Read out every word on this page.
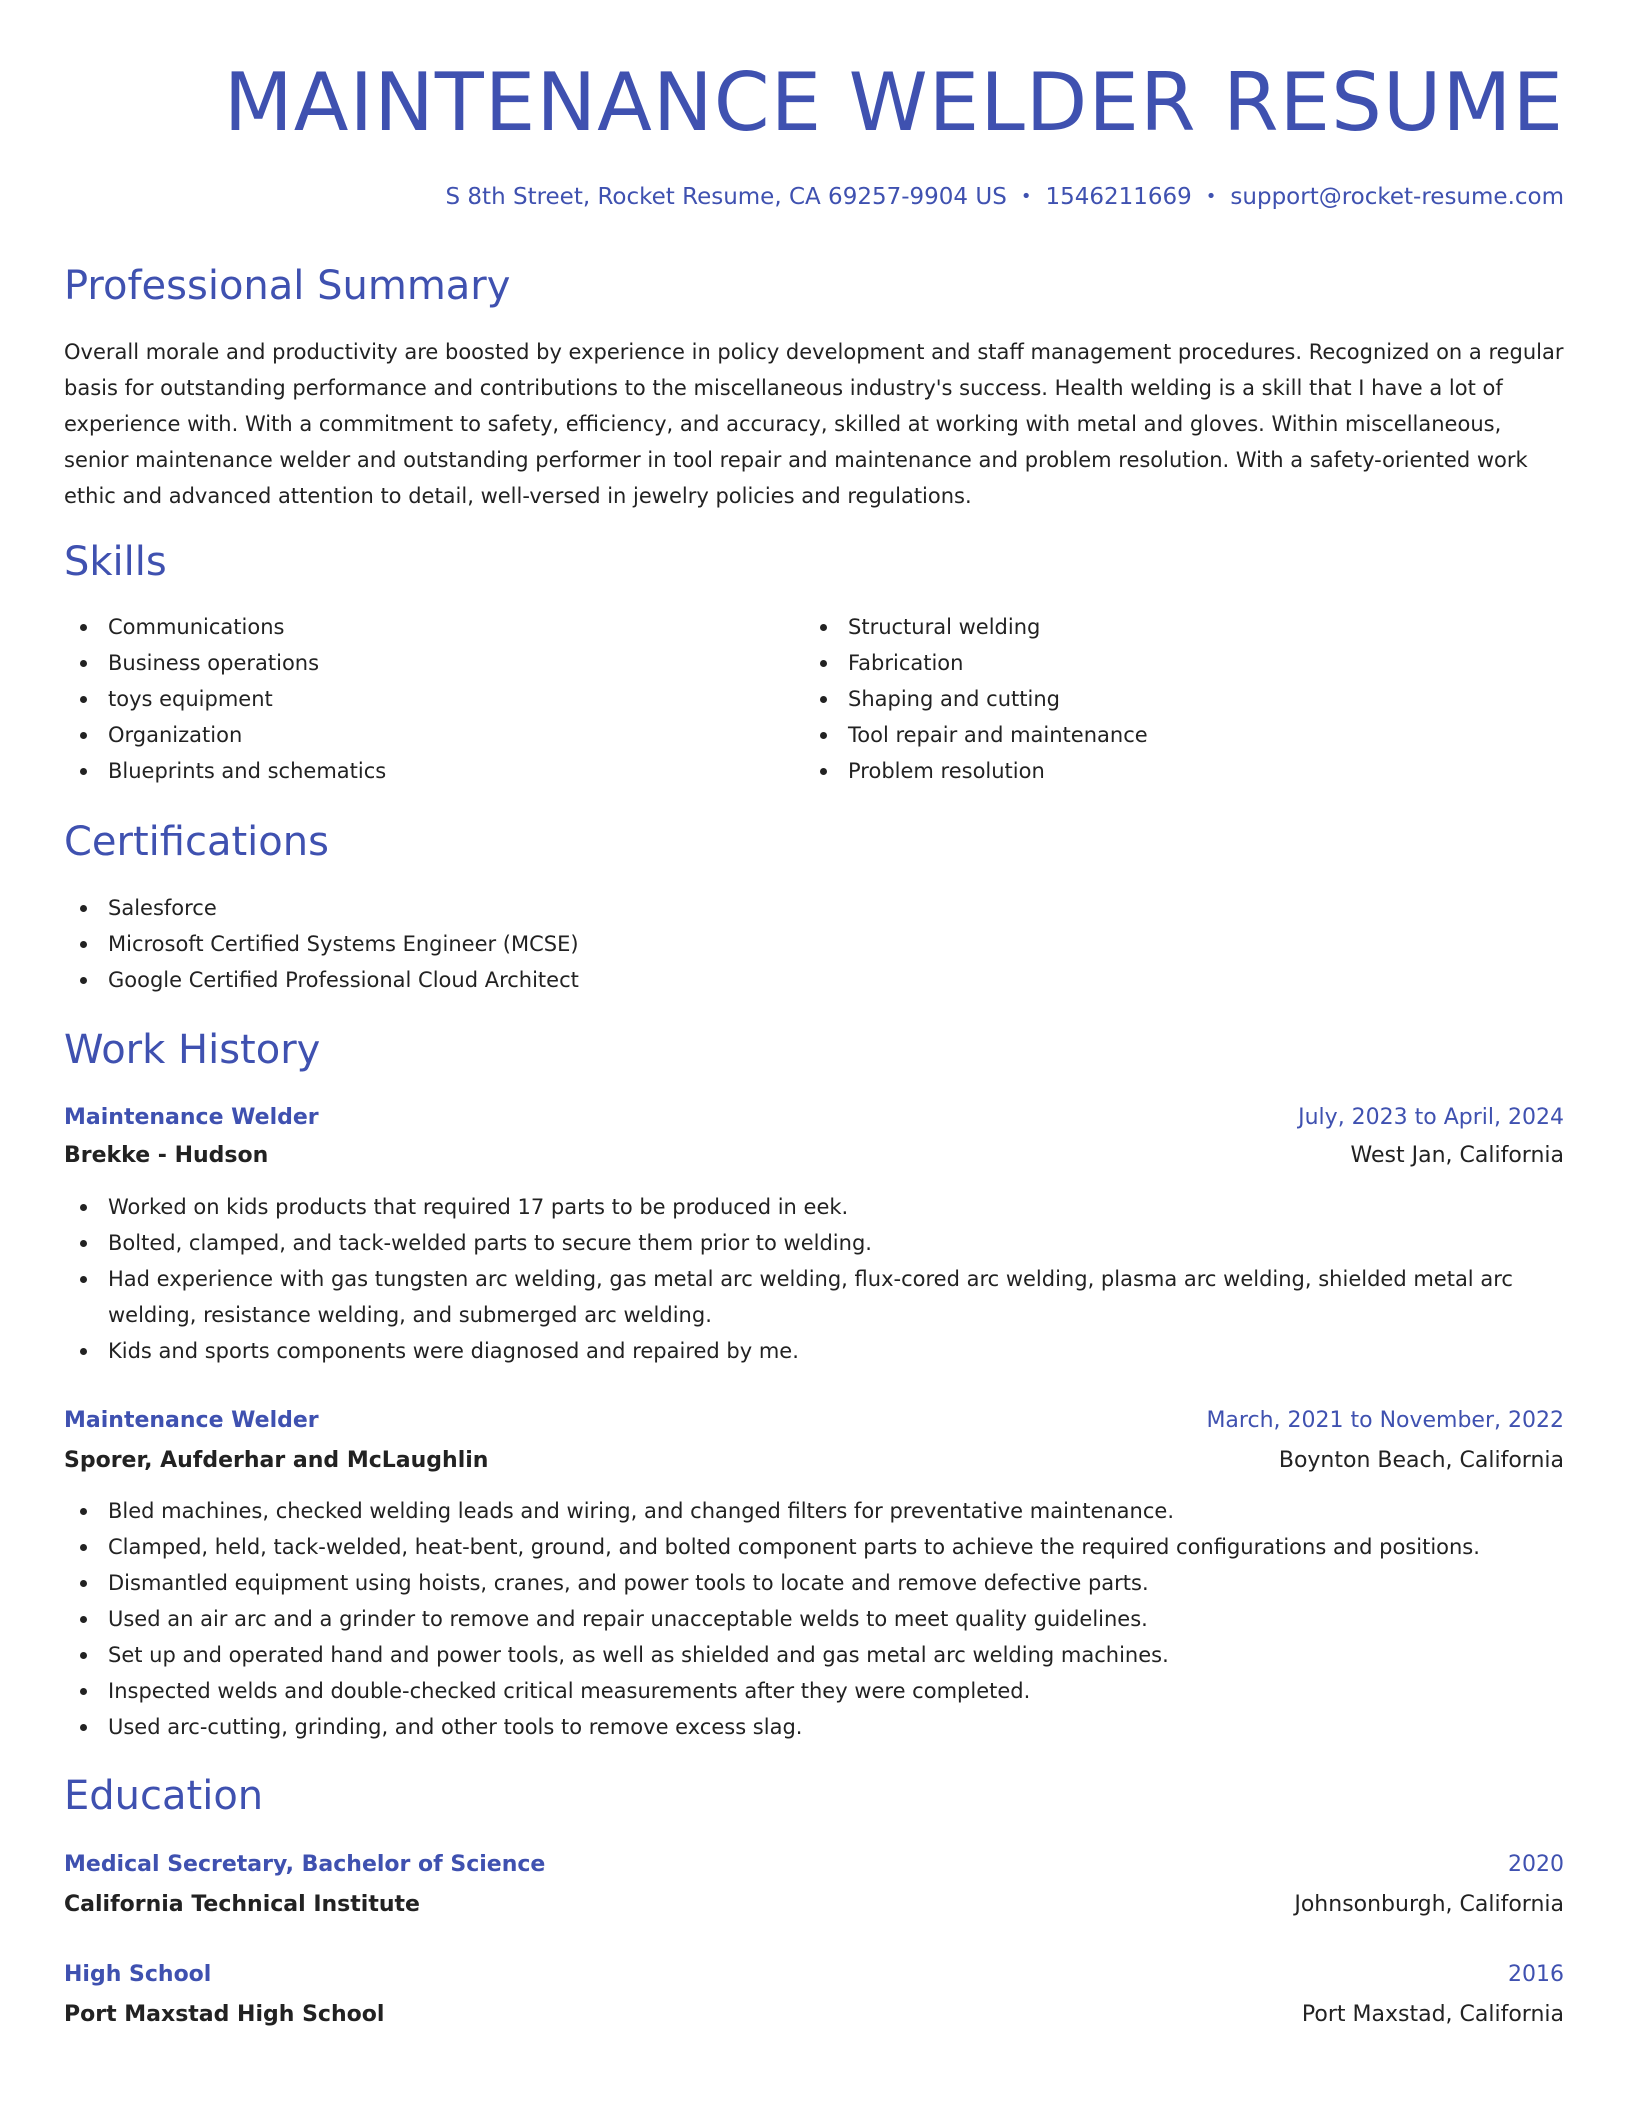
MAINTENANCE WELDER RESUME
S 8th Street, Rocket Resume, CA 69257-9904 US • 1546211669 • support@rocket-resume.com
Professional Summary

Overall morale and productivity are boosted by experience in policy development and staff management procedures. Recognized on a regular basis for outstanding performance and contributions to the miscellaneous industry's success. Health welding is a skill that I have a lot of experience with. With a commitment to safety, efficiency, and accuracy, skilled at working with metal and gloves. Within miscellaneous, senior maintenance welder and outstanding performer in tool repair and maintenance and problem resolution. With a safety-oriented work ethic and advanced attention to detail, well-versed in jewelry policies and regulations.

Skills
Communications
Business operations
toys equipment
Organization
Blueprints and schematics
Structural welding
Fabrication
Shaping and cutting
Tool repair and maintenance
Problem resolution
Certifications
Salesforce
Microsoft Certified Systems Engineer (MCSE)
Google Certified Professional Cloud Architect
Work History
Maintenance Welder	July, 2023 to April, 2024
Brekke - Hudson	West Jan, California
Worked on kids products that required 17 parts to be produced in eek.
Bolted, clamped, and tack-welded parts to secure them prior to welding.
Had experience with gas tungsten arc welding, gas metal arc welding, flux-cored arc welding, plasma arc welding, shielded metal arc welding, resistance welding, and submerged arc welding.
Kids and sports components were diagnosed and repaired by me.
Maintenance Welder	March, 2021 to November, 2022
Sporer, Aufderhar and McLaughlin	Boynton Beach, California
Bled machines, checked welding leads and wiring, and changed filters for preventative maintenance.
Clamped, held, tack-welded, heat-bent, ground, and bolted component parts to achieve the required configurations and positions.
Dismantled equipment using hoists, cranes, and power tools to locate and remove defective parts.
Used an air arc and a grinder to remove and repair unacceptable welds to meet quality guidelines.
Set up and operated hand and power tools, as well as shielded and gas metal arc welding machines.
Inspected welds and double-checked critical measurements after they were completed.
Used arc-cutting, grinding, and other tools to remove excess slag.
Education
Medical Secretary, Bachelor of Science	2020
California Technical Institute	Johnsonburgh, California
High School	2016
Port Maxstad High School	Port Maxstad, California
